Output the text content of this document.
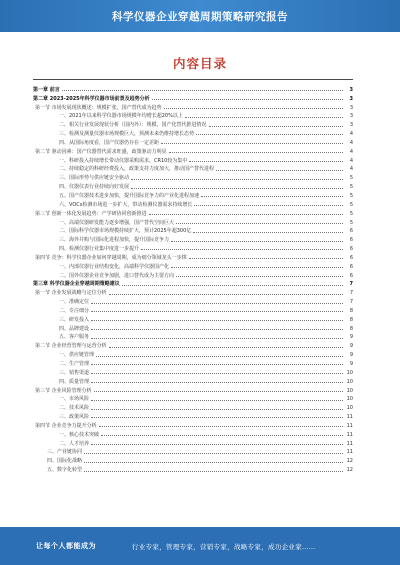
科学仪器企业穿越周期策略研究报告
内容目录
第一章 前言	3
第二章 2023-2025年科学仪器市场前景及趋势分析	3
第一节 市场发展现状概述：规模扩张，国产替代成为趋势	3
一、2021年以来科学仪器市场规模年均增长超20%以上	3
二、相关行业发展现状分析（国内外）：规模、国产化替代推进情况	3
三、检测及测量仪器市场规模巨大，预测未来仍维持增长态势	4
四、从国际角度看，国产仪器仍存在一定差距	4
第二节 驱动因素：国产仪器替代需求旺盛，政策驱动力明显	4
一、科研投入持续增长带动仪器采购需求，CR10较为集中	4
二、持续稳定的科研经费投入，政策支持力度加大，推动国产替代进程	4
三、国际形势与供应链安全驱动	5
四、仪器仪表行业持续向好发展	5
五、国产仪器技术进步加快，提升国际竞争力的产业化进程加速	5
六、VOCs检测市场进一步扩大，带动检测仪器需求持续增长	5
第三节 创新一体化发展趋势：产学研协同创新推进	5
一、高端仪器研发能力逐步增强，国产替代空间巨大	5
二、国际科学仪器市场规模持续扩大，预计2025年超300亿	6
三、海外并购与国际化进程加快，提升国际竞争力	6
四、检测仪器行业集中度进一步提升	6
第四节 竞争：科学仪器企业如何穿越周期，成为细分领域龙头一步棋	6
一、内部仪器行业结构变化，高端科学仪器国产化	6
二、国外仪器企业竞争加剧，进口替代成为主要方向	6
第三章 科学仪器企业穿越周期策略建议	7
第一节 企业发展战略与定位分析	7
一、准确定位	7
二、专注细分	8
三、研发投入	8
四、品牌建设	8
五、客户服务	9
第二节 企业经营管理与运营分析	9
一、供应链管理	9
二、生产管理	9
三、销售渠道	10
四、质量管理	10
第三节 企业风险管理分析	10
一、市场风险	10
二、技术风险	10
三、政策风险	11
第四节 企业竞争力提升分析	11
一、核心技术突破	11
二、人才培养	11
三、产业链协同	11
四、国际化战略	12
五、数字化转型	12
让每个人都能成为	行业专家，管理专家，营销专家，战略专家，成功企业家……
